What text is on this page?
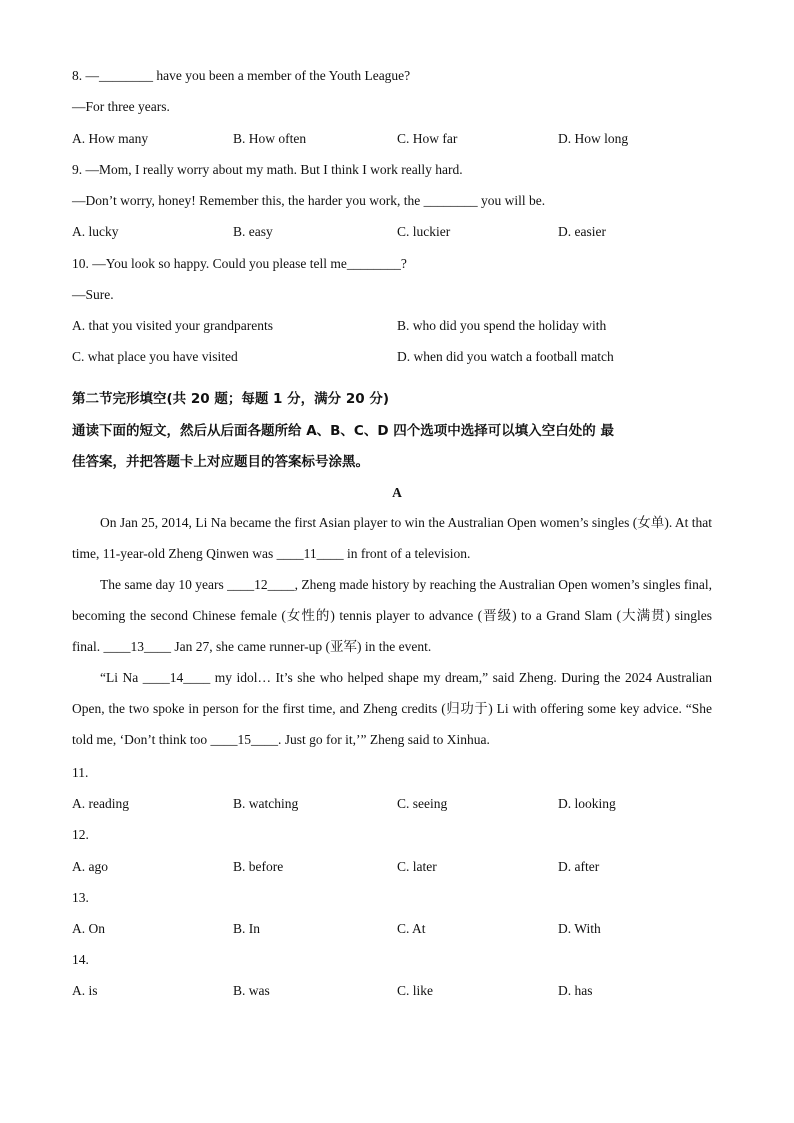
8. —________ have you been a member of the Youth League?
—For three years.
A. How many	B. How often	C. How far	D. How long
9. —Mom, I really worry about my math. But I think I work really hard.
—Don’t worry, honey! Remember this, the harder you work, the ________ you will be.
A. lucky	B. easy	C. luckier	D. easier
10. —You look so happy. Could you please tell me________?
—Sure.
A. that you visited your grandparents	B. who did you spend the holiday with
C. what place you have visited	D. when did you watch a football match
第二节完形填空(共 20 题；每题 1 分，满分 20 分)
通读下面的短文，然后从后面各题所给 A、B、C、D 四个选项中选择可以填入空白处的 最
佳答案，并把答题卡上对应题目的答案标号涂黑。
A

On Jan 25, 2014, Li Na became the first Asian player to win the Australian Open women’s singles (女单). At that time, 11-year-old Zheng Qinwen was ____11____ in front of a television.

The same day 10 years ____12____, Zheng made history by reaching the Australian Open women’s singles final, becoming the second Chinese female (女性的) tennis player to advance (晋级) to a Grand Slam (大满贯) singles final. ____13____ Jan 27, she came runner-up (亚军) in the event.

“Li Na ____14____ my idol… It’s she who helped shape my dream,” said Zheng. During the 2024 Australian Open, the two spoke in person for the first time, and Zheng credits (归功于) Li with offering some key advice. “She told me, ‘Don’t think too ____15____. Just go for it,’” Zheng said to Xinhua.

11.
A. reading	B. watching	C. seeing	D. looking
12.
A. ago	B. before	C. later	D. after
13.
A. On	B. In	C. At	D. With
14.
A. is	B. was	C. like	D. has
